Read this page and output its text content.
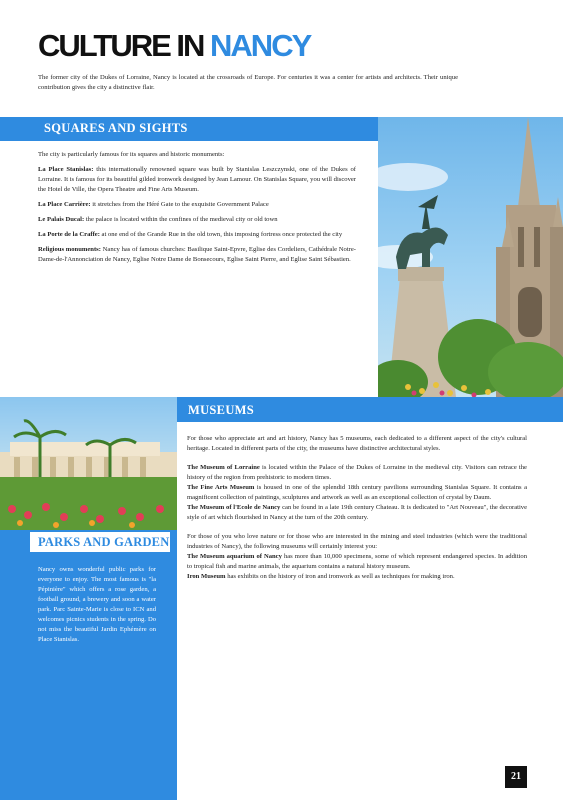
CULTURE IN NANCY
The former city of the Dukes of Lorraine, Nancy is located at the crossroads of Europe. For centuries it was a center for artists and architects. Their unique contribution gives the city a distinctive flair.
SQUARES AND SIGHTS

The city is particularly famous for its squares and historic monuments:

La Place Stanislas: this internationally renowned square was built by Stanislas Leszczynski, one of the Dukes of Lorraine. It is famous for its beautiful gilded ironwork designed by Jean Lamour. On Stanislas Square, you will discover the Hotel de Ville, the Opera Theatre and Fine Arts Museum.

La Place Carrière: it stretches from the Héré Gate to the exquisite Government Palace

Le Palais Ducal: the palace is located within the confines of the medieval city or old town

La Porte de la Craffe: at one end of the Grande Rue in the old town, this imposing fortress once protected the city

Religious monuments: Nancy has of famous churches: Basilique Saint-Epvre, Eglise des Cordeliers, Cathédrale Notre-Dame-de-l'Annonciation de Nancy, Eglise Notre Dame de Bonsecours, Eglise Saint Pierre, and Eglise Saint Sébastien.

MUSEUMS

For those who appreciate art and art history, Nancy has 5 museums, each dedicated to a different aspect of the city's cultural heritage. Located in different parts of the city, the museums have distinctive architectural styles.

The Museum of Lorraine is located within the Palace of the Dukes of Lorraine in the medieval city. Visitors can retrace the history of the region from prehistoric to modern times.

The Fine Arts Museum is housed in one of the splendid 18th century pavilions surrounding Stanislas Square. It contains a magnificent collection of paintings, sculptures and artwork as well as an exceptional collection of crystal by Daum.

The Museum of l'Ecole de Nancy can be found in a late 19th century Chateau. It is dedicated to "Art Nouveau", the decorative style of art which flourished in Nancy at the turn of the 20th century.

For those of you who love nature or for those who are interested in the mining and steel industries (which were the traditional industries of Nancy), the following museums will certainly interest you:

The Museum aquarium of Nancy has more than 10,000 specimens, some of which represent endangered species. In addition to tropical fish and marine animals, the aquarium contains a natural history museum.

Iron Museum has exhibits on the history of iron and ironwork as well as techniques for making iron.

PARKS AND GARDENS
Nancy owns wonderful public parks for everyone to enjoy. The most famous is "la Pépinière" which offers a rose garden, a football ground, a brewery and soon a water park. Parc Sainte-Marie is close to ICN and welcomes picnics students in the spring. Do not miss the beautiful Jardin Ephémère on Place Stanislas.
21
